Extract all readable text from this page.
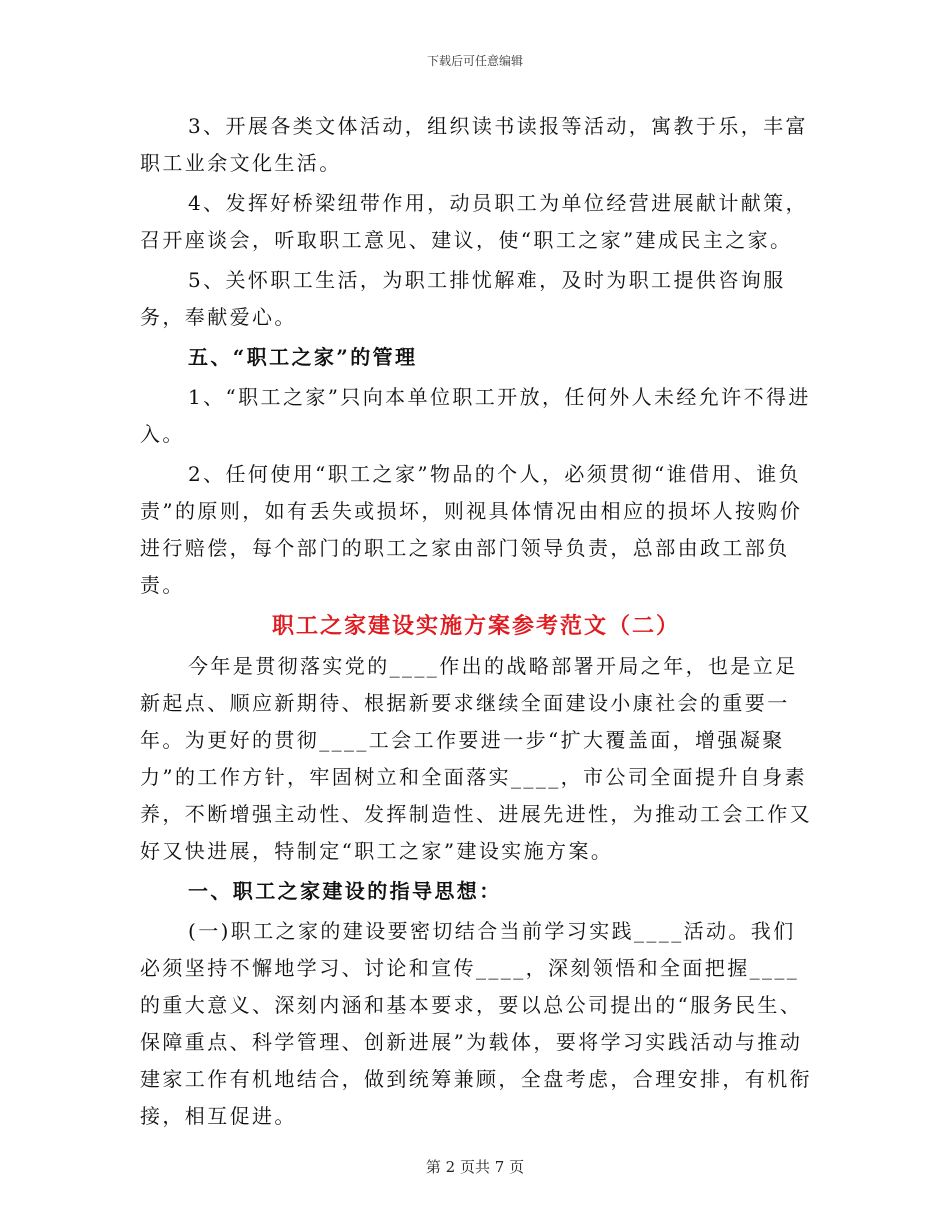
下载后可任意编辑

3、开展各类文体活动，组织读书读报等活动，寓教于乐，丰富职工业余文化生活。

4、发挥好桥梁纽带作用，动员职工为单位经营进展献计献策，召开座谈会，听取职工意见、建议，使“职工之家”建成民主之家。

5、关怀职工生活，为职工排忧解难，及时为职工提供咨询服务，奉献爱心。

五、“职工之家”的管理

1、“职工之家”只向本单位职工开放，任何外人未经允许不得进入。

2、任何使用“职工之家”物品的个人，必须贯彻“谁借用、谁负责”的原则，如有丢失或损坏，则视具体情况由相应的损坏人按购价进行赔偿，每个部门的职工之家由部门领导负责，总部由政工部负责。

职工之家建设实施方案参考范文（二）

今年是贯彻落实党的____作出的战略部署开局之年，也是立足新起点、顺应新期待、根据新要求继续全面建设小康社会的重要一年。为更好的贯彻____工会工作要进一步“扩大覆盖面，增强凝聚力”的工作方针，牢固树立和全面落实____，市公司全面提升自身素养，不断增强主动性、发挥制造性、进展先进性，为推动工会工作又好又快进展，特制定“职工之家”建设实施方案。

一、职工之家建设的指导思想：

(一)职工之家的建设要密切结合当前学习实践____活动。我们必须坚持不懈地学习、讨论和宣传____，深刻领悟和全面把握____的重大意义、深刻内涵和基本要求，要以总公司提出的“服务民生、保障重点、科学管理、创新进展”为载体，要将学习实践活动与推动建家工作有机地结合，做到统筹兼顾，全盘考虑，合理安排，有机衔接，相互促进。

第 2 页共 7 页
